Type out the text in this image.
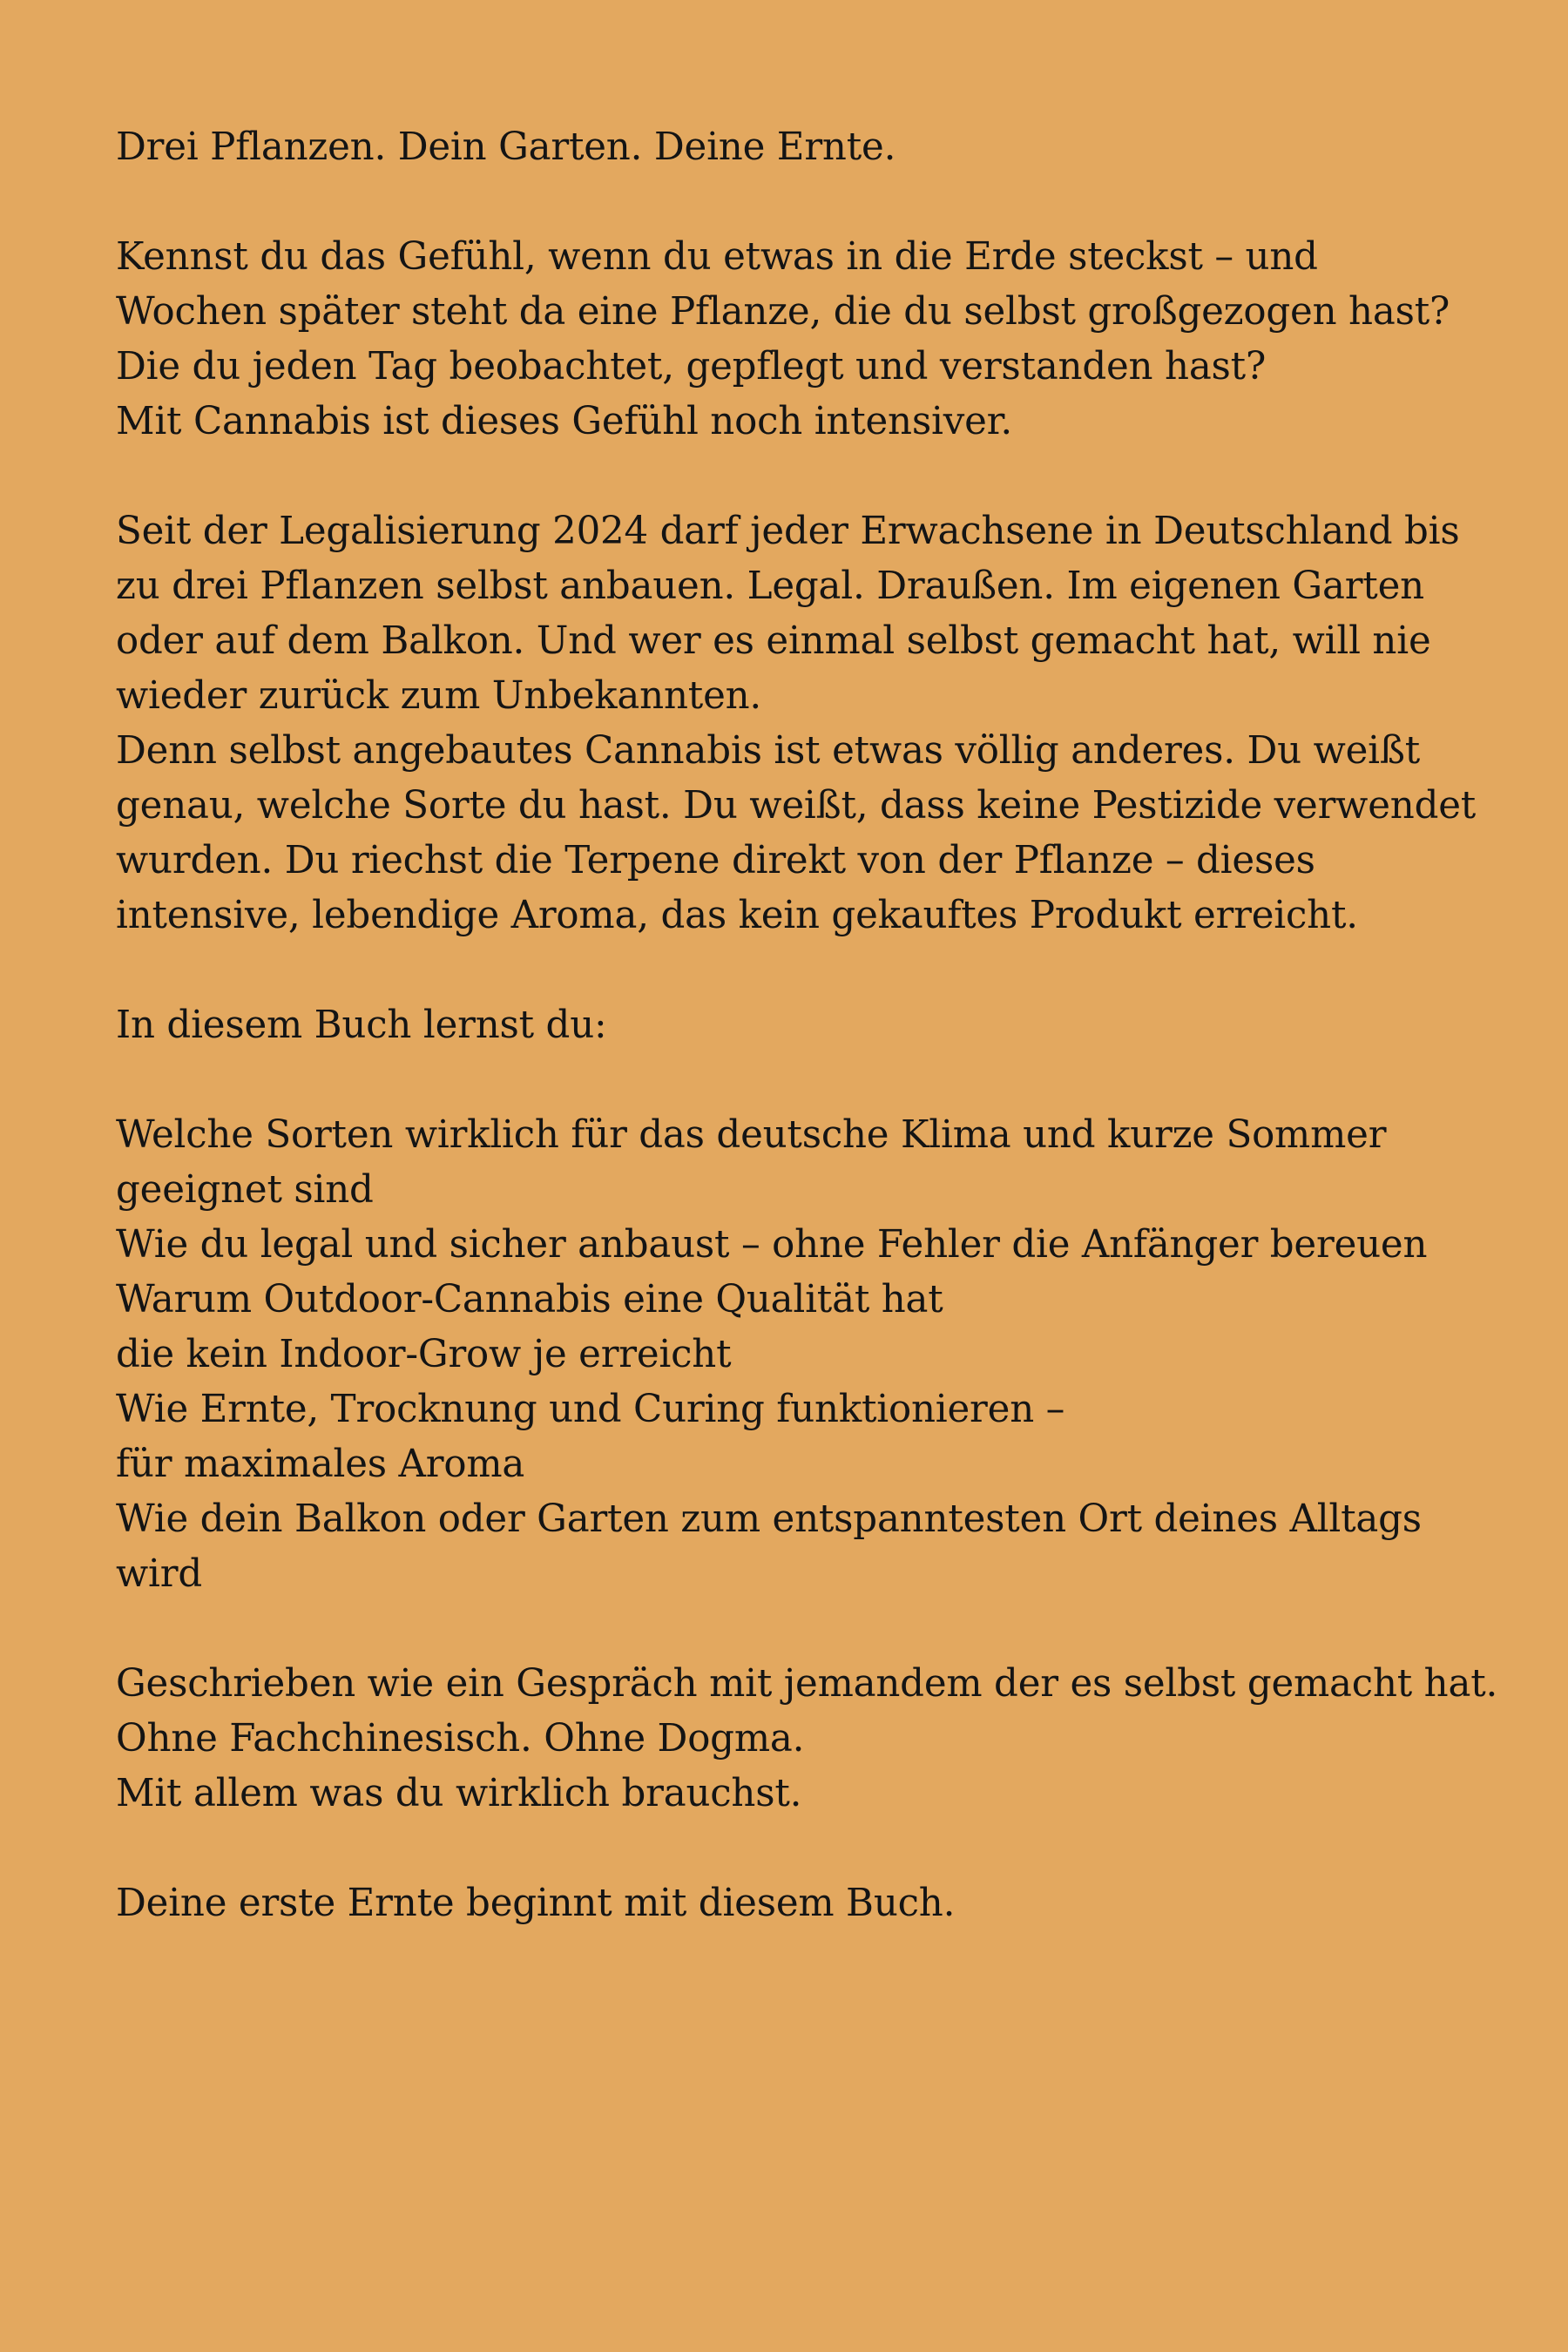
Drei Pflanzen. Dein Garten. Deine Ernte.
Kennst du das Gefühl, wenn du etwas in die Erde steckst – und
Wochen später steht da eine Pflanze, die du selbst großgezogen hast?
Die du jeden Tag beobachtet, gepflegt und verstanden hast?
Mit Cannabis ist dieses Gefühl noch intensiver.
Seit der Legalisierung 2024 darf jeder Erwachsene in Deutschland bis
zu drei Pflanzen selbst anbauen. Legal. Draußen. Im eigenen Garten
oder auf dem Balkon. Und wer es einmal selbst gemacht hat, will nie
wieder zurück zum Unbekannten.
Denn selbst angebautes Cannabis ist etwas völlig anderes. Du weißt
genau, welche Sorte du hast. Du weißt, dass keine Pestizide verwendet
wurden. Du riechst die Terpene direkt von der Pflanze – dieses
intensive, lebendige Aroma, das kein gekauftes Produkt erreicht.
In diesem Buch lernst du:
Welche Sorten wirklich für das deutsche Klima und kurze Sommer
geeignet sind
Wie du legal und sicher anbaust – ohne Fehler die Anfänger bereuen
Warum Outdoor-Cannabis eine Qualität hat
die kein Indoor-Grow je erreicht
Wie Ernte, Trocknung und Curing funktionieren –
für maximales Aroma
Wie dein Balkon oder Garten zum entspanntesten Ort deines Alltags
wird
Geschrieben wie ein Gespräch mit jemandem der es selbst gemacht hat.
Ohne Fachchinesisch. Ohne Dogma.
Mit allem was du wirklich brauchst.
Deine erste Ernte beginnt mit diesem Buch.
